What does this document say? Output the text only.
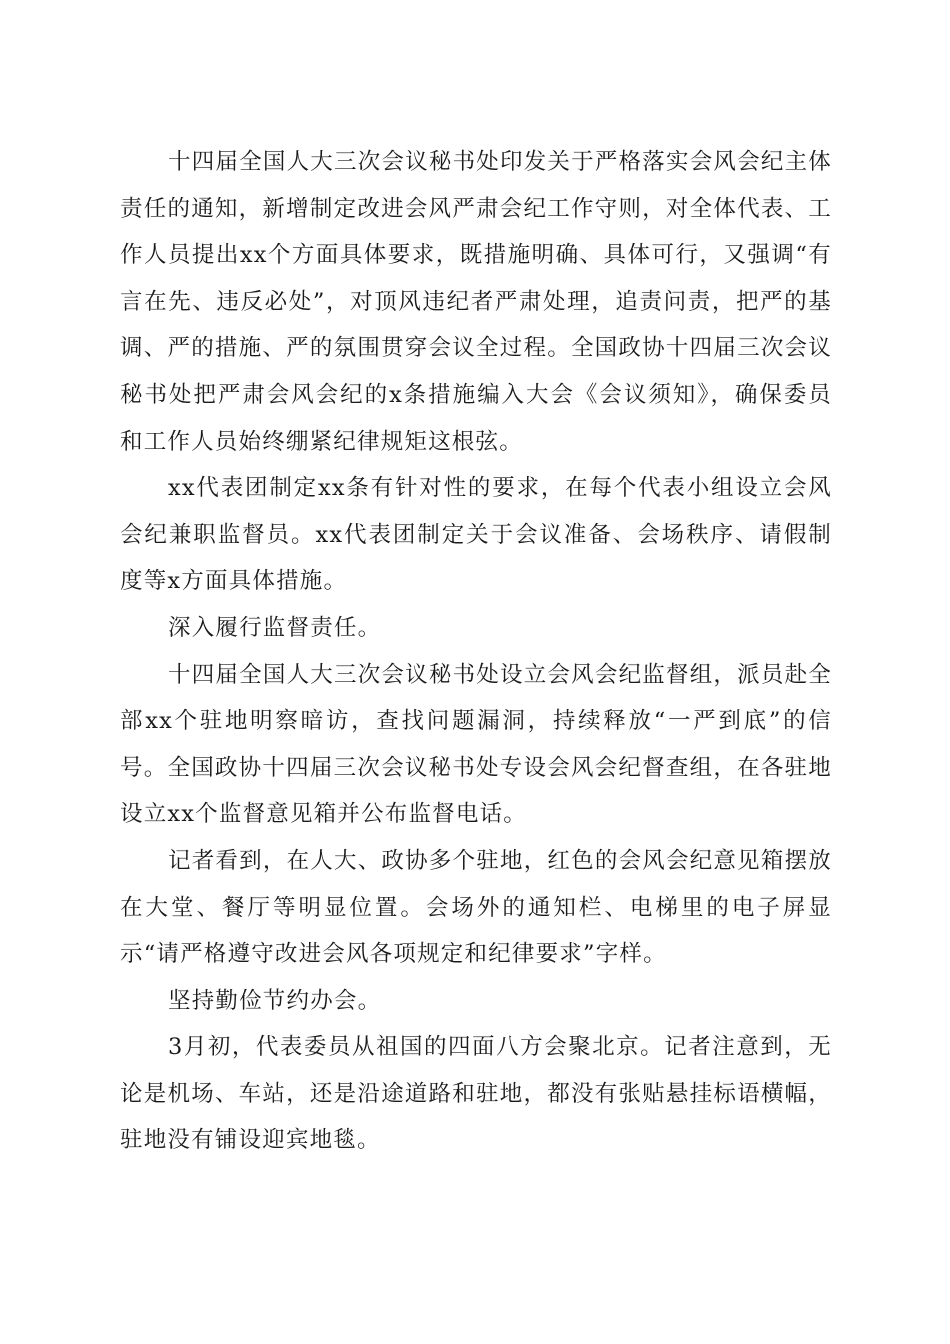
十四届全国人大三次会议秘书处印发关于严格落实会风会纪主体责任的通知，新增制定改进会风严肃会纪工作守则，对全体代表、工作人员提出xx个方面具体要求，既措施明确、具体可行，又强调“有言在先、违反必处”，对顶风违纪者严肃处理，追责问责，把严的基调、严的措施、严的氛围贯穿会议全过程。全国政协十四届三次会议秘书处把严肃会风会纪的x条措施编入大会《会议须知》，确保委员和工作人员始终绷紧纪律规矩这根弦。

xx代表团制定xx条有针对性的要求，在每个代表小组设立会风会纪兼职监督员。xx代表团制定关于会议准备、会场秩序、请假制度等x方面具体措施。

深入履行监督责任。

十四届全国人大三次会议秘书处设立会风会纪监督组，派员赴全部xx个驻地明察暗访，查找问题漏洞，持续释放“一严到底”的信号。全国政协十四届三次会议秘书处专设会风会纪督查组，在各驻地设立xx个监督意见箱并公布监督电话。

记者看到，在人大、政协多个驻地，红色的会风会纪意见箱摆放在大堂、餐厅等明显位置。会场外的通知栏、电梯里的电子屏显示“请严格遵守改进会风各项规定和纪律要求”字样。

坚持勤俭节约办会。

3月初，代表委员从祖国的四面八方会聚北京。记者注意到，无论是机场、车站，还是沿途道路和驻地，都没有张贴悬挂标语横幅，驻地没有铺设迎宾地毯。
